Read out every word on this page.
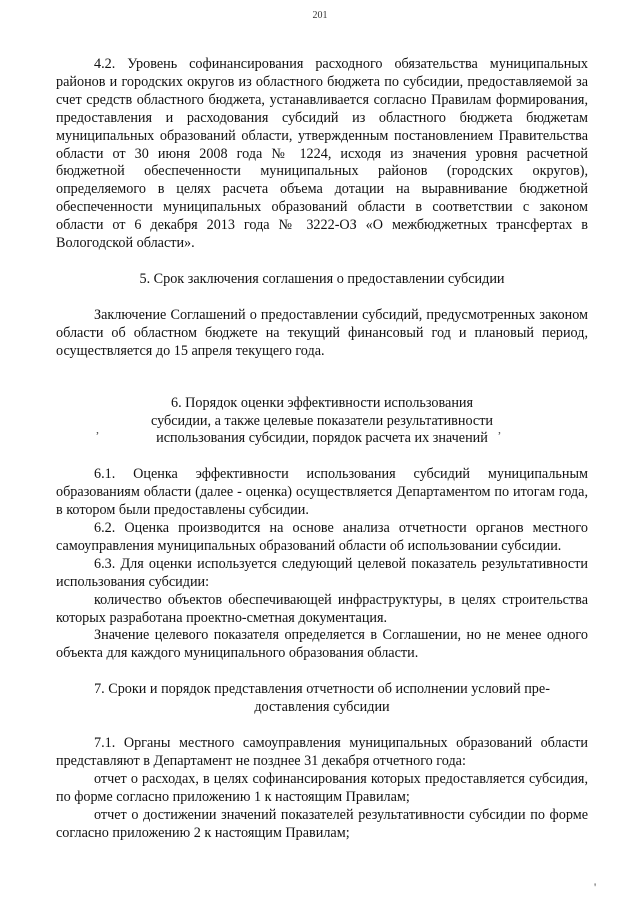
201

4.2. Уровень софинансирования расходного обязательства муниципальных районов и городских округов из областного бюджета по субсидии, предоставляемой за счет средств областного бюджета, устанавливается согласно Правилам формирования, предоставления и расходования субсидий из областного бюджета бюджетам муниципальных образований области, утвержденным постановлением Правительства области от 30 июня 2008 года № 1224, исходя из значения уровня расчетной бюджетной обеспеченности муниципальных районов (городских округов), определяемого в целях расчета объема дотации на выравнивание бюджетной обеспеченности муниципальных образований области в соответствии с законом области от 6 декабря 2013 года № 3222-ОЗ «О межбюджетных трансфертах в Вологодской области».

5. Срок заключения соглашения о предоставлении субсидии

Заключение Соглашений о предоставлении субсидий, предусмотренных законом области об областном бюджете на текущий финансовый год и плановый период, осуществляется до 15 апреля текущего года.

6. Порядок оценки эффективности использования

субсидии, а также целевые показатели результативности

использования субсидии, порядок расчета их значений

6.1. Оценка эффективности использования субсидий муниципальным образованиям области (далее - оценка) осуществляется Департаментом по итогам года, в котором были предоставлены субсидии.

6.2. Оценка производится на основе анализа отчетности органов местного самоуправления муниципальных образований области об использовании субсидии.

6.3. Для оценки используется следующий целевой показатель результативности использования субсидии:

количество объектов обеспечивающей инфраструктуры, в целях строительства которых разработана проектно-сметная документация.

Значение целевого показателя определяется в Соглашении, но не менее одного объекта для каждого муниципального образования области.

7. Сроки и порядок представления отчетности об исполнении условий пре-

доставления субсидии

7.1. Органы местного самоуправления муниципальных образований области представляют в Департамент не позднее 31 декабря отчетного года:

отчет о расходах, в целях софинансирования которых предоставляется субсидия, по форме согласно приложению 1 к настоящим Правилам;

отчет о достижении значений показателей результативности субсидии по форме согласно приложению 2 к настоящим Правилам;

,	,
'
